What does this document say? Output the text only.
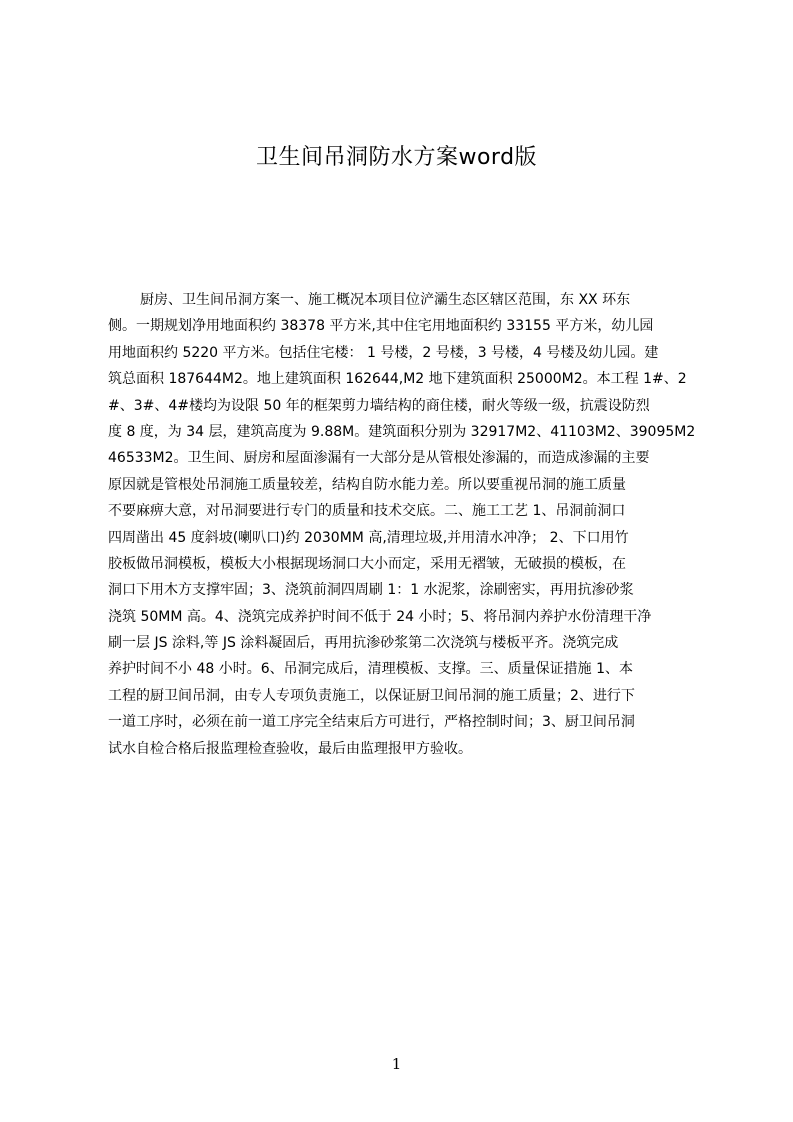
卫生间吊洞防水方案word版
厨房、卫生间吊洞方案一、施工概况本项目位浐灞生态区辖区范围，东 XX 环东
侧。一期规划净用地面积约 38378 平方米,其中住宅用地面积约 33155 平方米，幼儿园
用地面积约 5220 平方米。包括住宅楼： 1 号楼，2 号楼，3 号楼，4 号楼及幼儿园。建
筑总面积 187644M2。地上建筑面积 162644,M2 地下建筑面积 25000M2。本工程 1#、2
#、3#、4#楼均为设限 50 年的框架剪力墙结构的商住楼，耐火等级一级，抗震设防烈
度 8 度，为 34 层，建筑高度为 9.88M。建筑面积分别为 32917M2、41103M2、39095M2
46533M2。卫生间、厨房和屋面渗漏有一大部分是从管根处渗漏的，而造成渗漏的主要
原因就是管根处吊洞施工质量较差，结构自防水能力差。所以要重视吊洞的施工质量
不要麻痹大意，对吊洞要进行专门的质量和技术交底。二、施工工艺 1、吊洞前洞口
四周凿出 45 度斜坡(喇叭口)约 2030MM 高,清理垃圾,并用清水冲净； 2、下口用竹
胶板做吊洞模板，模板大小根据现场洞口大小而定，采用无褶皱，无破损的模板，在
洞口下用木方支撑牢固；3、浇筑前洞四周刷 1：1 水泥浆，涂刷密实，再用抗渗砂浆
浇筑 50MM 高。4、浇筑完成养护时间不低于 24 小时；5、将吊洞内养护水份清理干净
刷一层 JS 涂料,等 JS 涂料凝固后，再用抗渗砂浆第二次浇筑与楼板平齐。浇筑完成
养护时间不小 48 小时。6、吊洞完成后，清理模板、支撑。三、质量保证措施 1、本
工程的厨卫间吊洞，由专人专项负责施工，以保证厨卫间吊洞的施工质量；2、进行下
一道工序时，必须在前一道工序完全结束后方可进行，严格控制时间；3、厨卫间吊洞
试水自检合格后报监理检查验收，最后由监理报甲方验收。
1
